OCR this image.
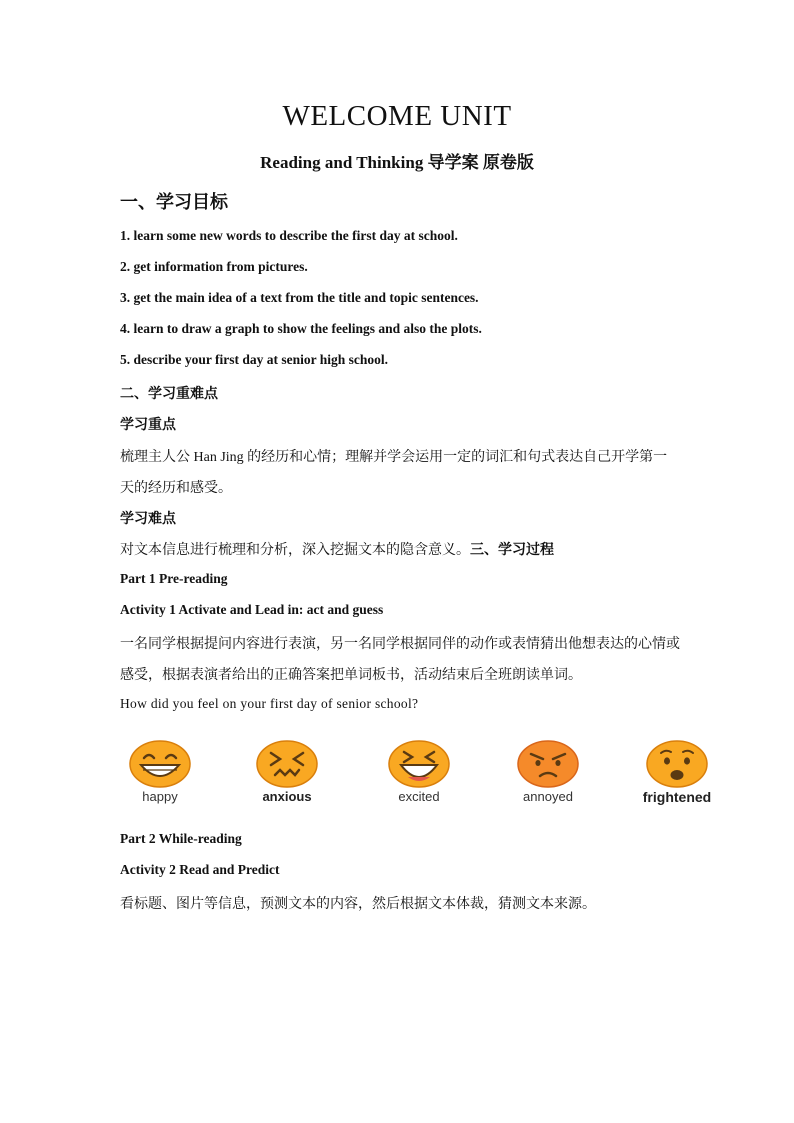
WELCOME UNIT
Reading and Thinking 导学案 原卷版
一、学习目标
1. learn some new words to describe the first day at school.
2. get information from pictures.
3. get the main idea of a text from the title and topic sentences.
4. learn to draw a graph to show the feelings and also the plots.
5. describe your first day at senior high school.
二、学习重难点
学习重点
梳理主人公 Han Jing 的经历和心情；理解并学会运用一定的词汇和句式表达自己开学第一
天的经历和感受。
学习难点
对文本信息进行梳理和分析，深入挖掘文本的隐含意义。三、学习过程
Part 1 Pre-reading
Activity 1 Activate and Lead in: act and guess
一名同学根据提问内容进行表演，另一名同学根据同伴的动作或表情猜出他想表达的心情或
感受，根据表演者给出的正确答案把单词板书，活动结束后全班朗读单词。
How did you feel on your first day of senior school?
happy	anxious	excited	annoyed	frightened
Part 2 While-reading
Activity 2 Read and Predict
看标题、图片等信息，预测文本的内容，然后根据文本体裁，猜测文本来源。
